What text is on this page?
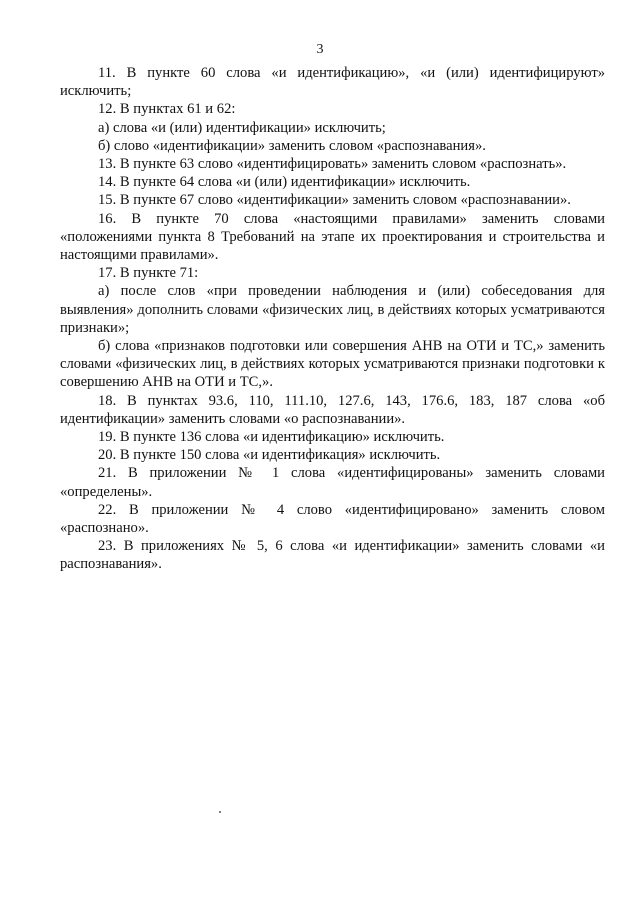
3

11. В пункте 60 слова «и идентификацию», «и (или) идентифицируют» исключить;

12. В пунктах 61 и 62:

а) слова «и (или) идентификации» исключить;

б) слово «идентификации» заменить словом «распознавания».

13. В пункте 63 слово «идентифицировать» заменить словом «распознать».

14. В пункте 64 слова «и (или) идентификации» исключить.

15. В пункте 67 слово «идентификации» заменить словом «распознавании».

16. В пункте 70 слова «настоящими правилами» заменить словами «положениями пункта 8 Требований на этапе их проектирования и строительства и настоящими правилами».

17. В пункте 71:

а) после слов «при проведении наблюдения и (или) собеседования для выявления» дополнить словами «физических лиц, в действиях которых усматриваются признаки»;

б) слова «признаков подготовки или совершения АНВ на ОТИ и ТС,» заменить словами «физических лиц, в действиях которых усматриваются признаки подготовки к совершению АНВ на ОТИ и ТС,».

18. В пунктах 93.6, 110, 111.10, 127.6, 143, 176.6, 183, 187 слова «об идентификации» заменить словами «о распознавании».

19. В пункте 136 слова «и идентификацию» исключить.

20. В пункте 150 слова «и идентификация» исключить.

21. В приложении № 1 слова «идентифицированы» заменить словами «определены».

22. В приложении № 4 слово «идентифицировано» заменить словом «распознано».

23. В приложениях № 5, 6 слова «и идентификации» заменить словами «и распознавания».
